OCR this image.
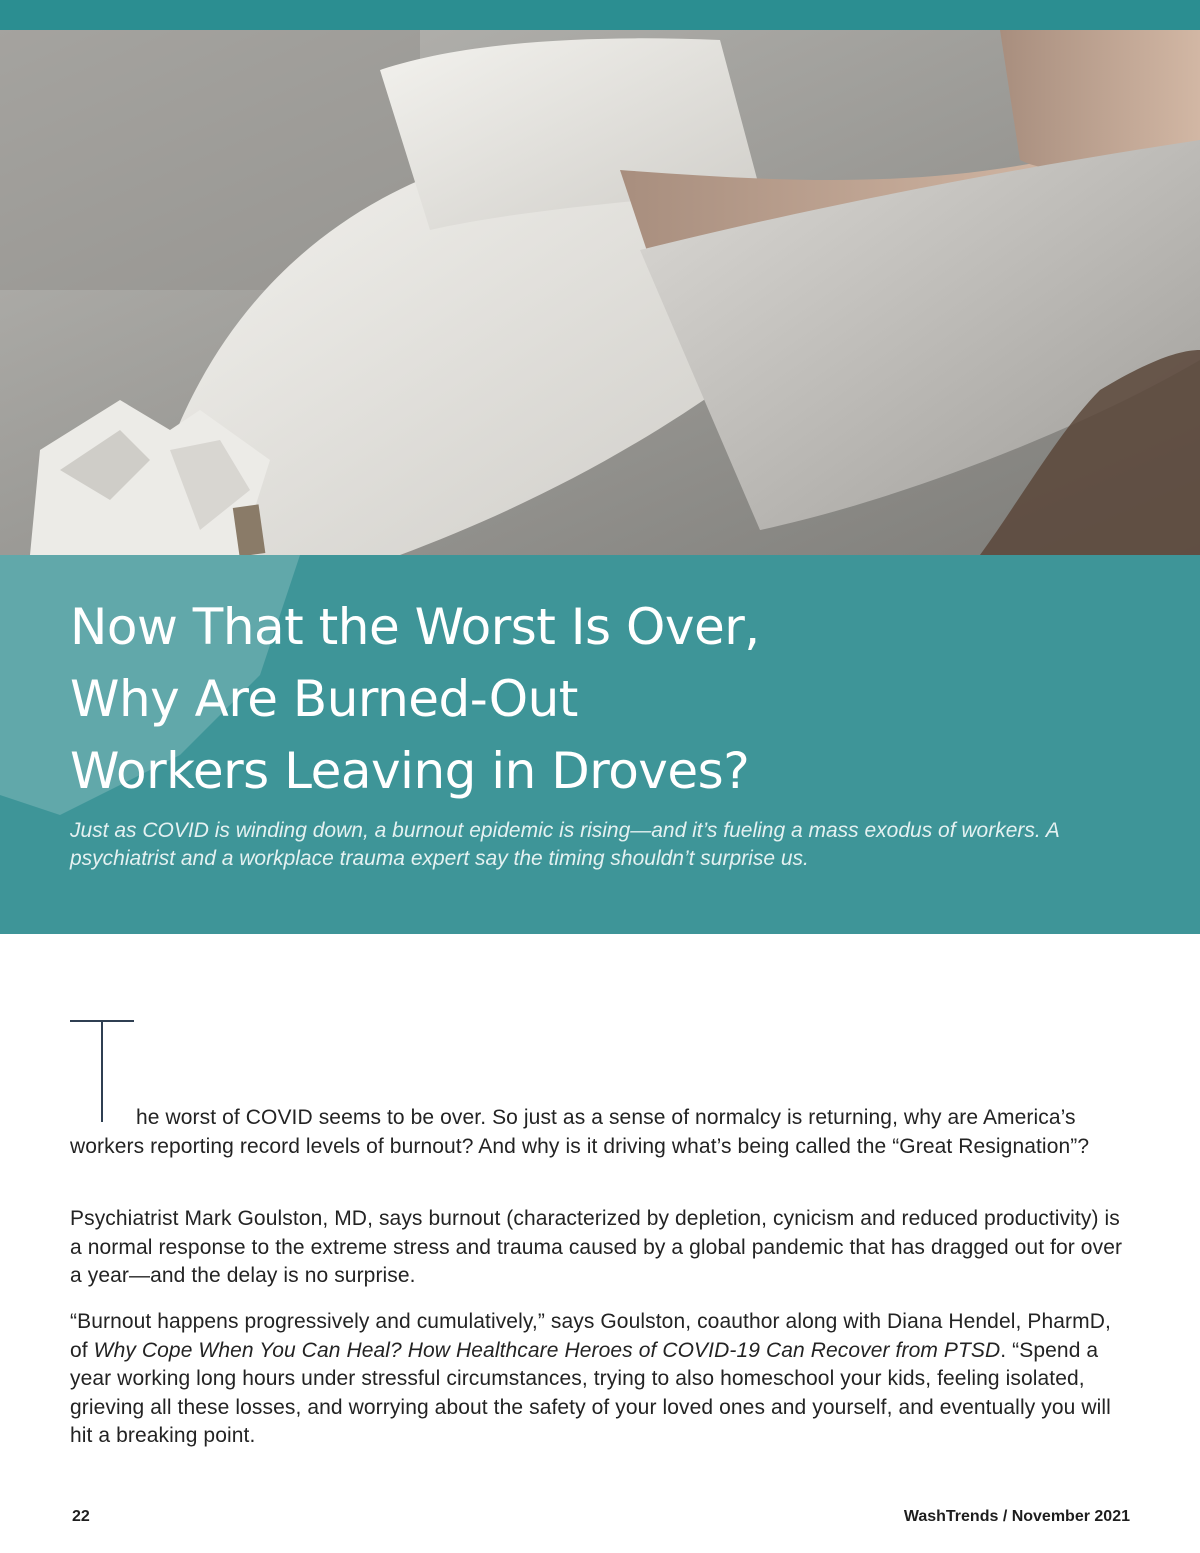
Now That the Worst Is Over,
Why Are Burned-Out
Workers Leaving in Droves?

Just as COVID is winding down, a burnout epidemic is rising—and it’s fueling a mass exodus of workers. A psychiatrist and a workplace trauma expert say the timing shouldn’t surprise us.

he worst of COVID seems to be over. So just as a sense of normalcy is returning, why are America’s workers reporting record levels of burnout? And why is it driving what’s being called the “Great Resignation”?

Psychiatrist Mark Goulston, MD, says burnout (characterized by depletion, cynicism and reduced productivity) is a normal response to the extreme stress and trauma caused by a global pandemic that has dragged out for over a year—and the delay is no surprise.

“Burnout happens progressively and cumulatively,” says Goulston, coauthor along with Diana Hendel, PharmD, of Why Cope When You Can Heal? How Healthcare Heroes of COVID-19 Can Recover from PTSD. “Spend a year working long hours under stressful circumstances, trying to also homeschool your kids, feeling isolated, grieving all these losses, and worrying about the safety of your loved ones and yourself, and eventually you will hit a breaking point.

22	WashTrends / November 2021
